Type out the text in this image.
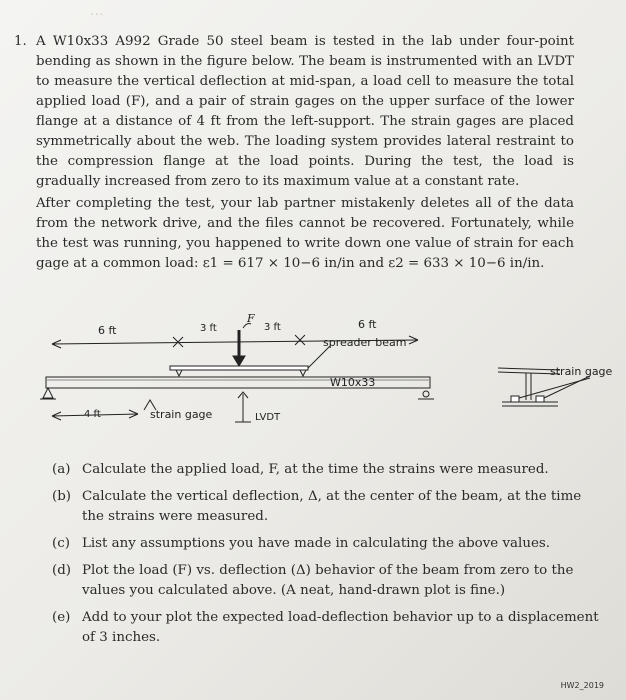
...
1. A W10x33 A992 Grade 50 steel beam is tested in the lab under four-point bending as shown in the figure below. The beam is instrumented with an LVDT to measure the vertical deflection at mid-span, a load cell to measure the total applied load (F), and a pair of strain gages on the upper surface of the lower flange at a distance of 4 ft from the left-support. The strain gages are placed symmetrically about the web. The loading system provides lateral restraint to the compression flange at the load points. During the test, the load is gradually increased from zero to its maximum value at a constant rate.
After completing the test, your lab partner mistakenly deletes all of the data from the network drive, and the files cannot be recovered. Fortunately, while the test was running, you happened to write down one value of strain for each gage at a common load: ε1 = 617 × 10−6 in/in and ε2 = 633 × 10−6 in/in.
6 ft	3 ft
F
3 ft	6 ft
spreader beam
W10x33
strain gage
4 ft	strain gage	LVDT
(a) Calculate the applied load, F, at the time the strains were measured.
(b) Calculate the vertical deflection, Δ, at the center of the beam, at the time the strains were measured.
(c) List any assumptions you have made in calculating the above values.
(d) Plot the load (F) vs. deflection (Δ) behavior of the beam from zero to the values you calculated above. (A neat, hand-drawn plot is fine.)
(e) Add to your plot the expected load-deflection behavior up to a displacement of 3 inches.
HW2_2019
